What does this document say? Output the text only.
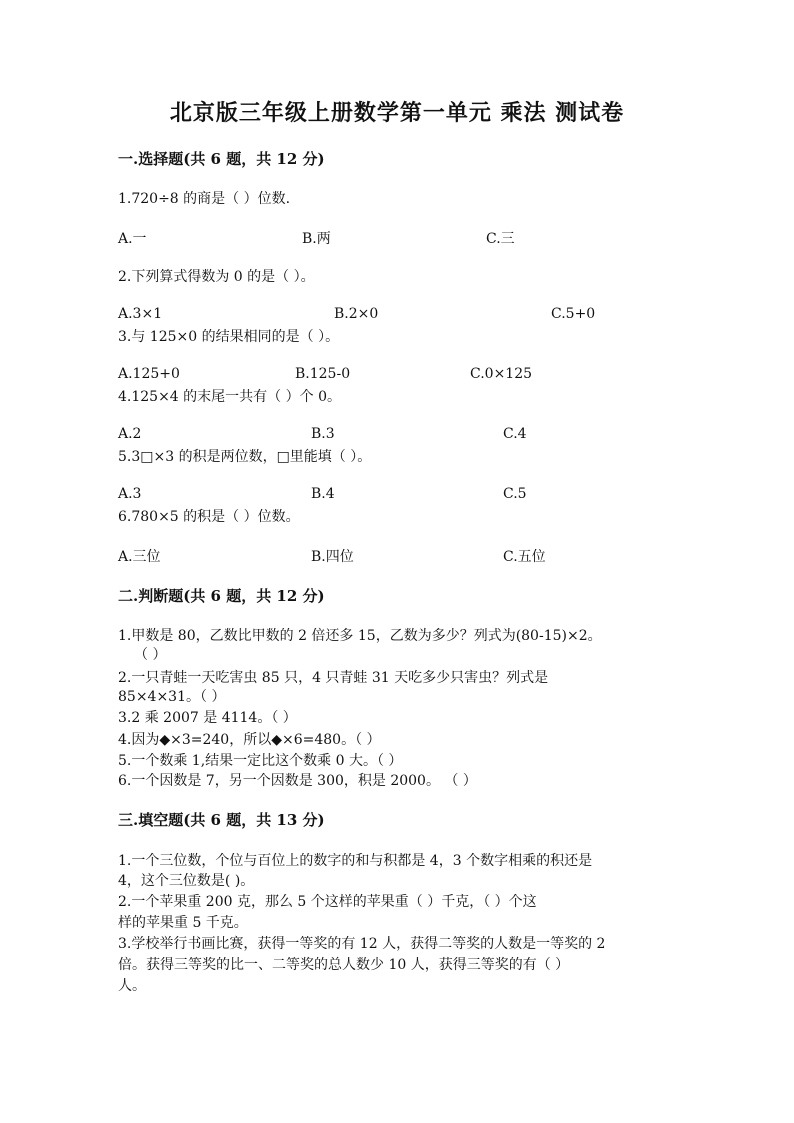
北京版三年级上册数学第一单元 乘法 测试卷
一.选择题(共 6 题，共 12 分)
1.720÷8 的商是（ ）位数.
A.一	B.两	C.三
2.下列算式得数为 0 的是（ ）。
A.3×1	B.2×0	C.5+0
3.与 125×0 的结果相同的是（ ）。
A.125+0	B.125-0	C.0×125
4.125×4 的末尾一共有（ ）个 0。
A.2	B.3	C.4
5.3□×3 的积是两位数，□里能填（ ）。
A.3	B.4	C.5
6.780×5 的积是（ ）位数。
A.三位	B.四位	C.五位
二.判断题(共 6 题，共 12 分)
1.甲数是 80，乙数比甲数的 2 倍还多 15，乙数为多少？列式为(80-15)×2。
（ ）
2.一只青蛙一天吃害虫 85 只，4 只青蛙 31 天吃多少只害虫？列式是
85×4×31。（ ）
3.2 乘 2007 是 4114。（ ）
4.因为◆×3=240，所以◆×6=480。（ ）
5.一个数乘 1,结果一定比这个数乘 0 大。（ ）
6.一个因数是 7，另一个因数是 300，积是 2000。 （ ）
三.填空题(共 6 题，共 13 分)
1.一个三位数，个位与百位上的数字的和与积都是 4，3 个数字相乘的积还是
4，这个三位数是( )。
2.一个苹果重 200 克，那么 5 个这样的苹果重（ ）千克，（ ）个这
样的苹果重 5 千克。
3.学校举行书画比赛，获得一等奖的有 12 人，获得二等奖的人数是一等奖的 2
倍。获得三等奖的比一、二等奖的总人数少 10 人，获得三等奖的有（ ）
人。
